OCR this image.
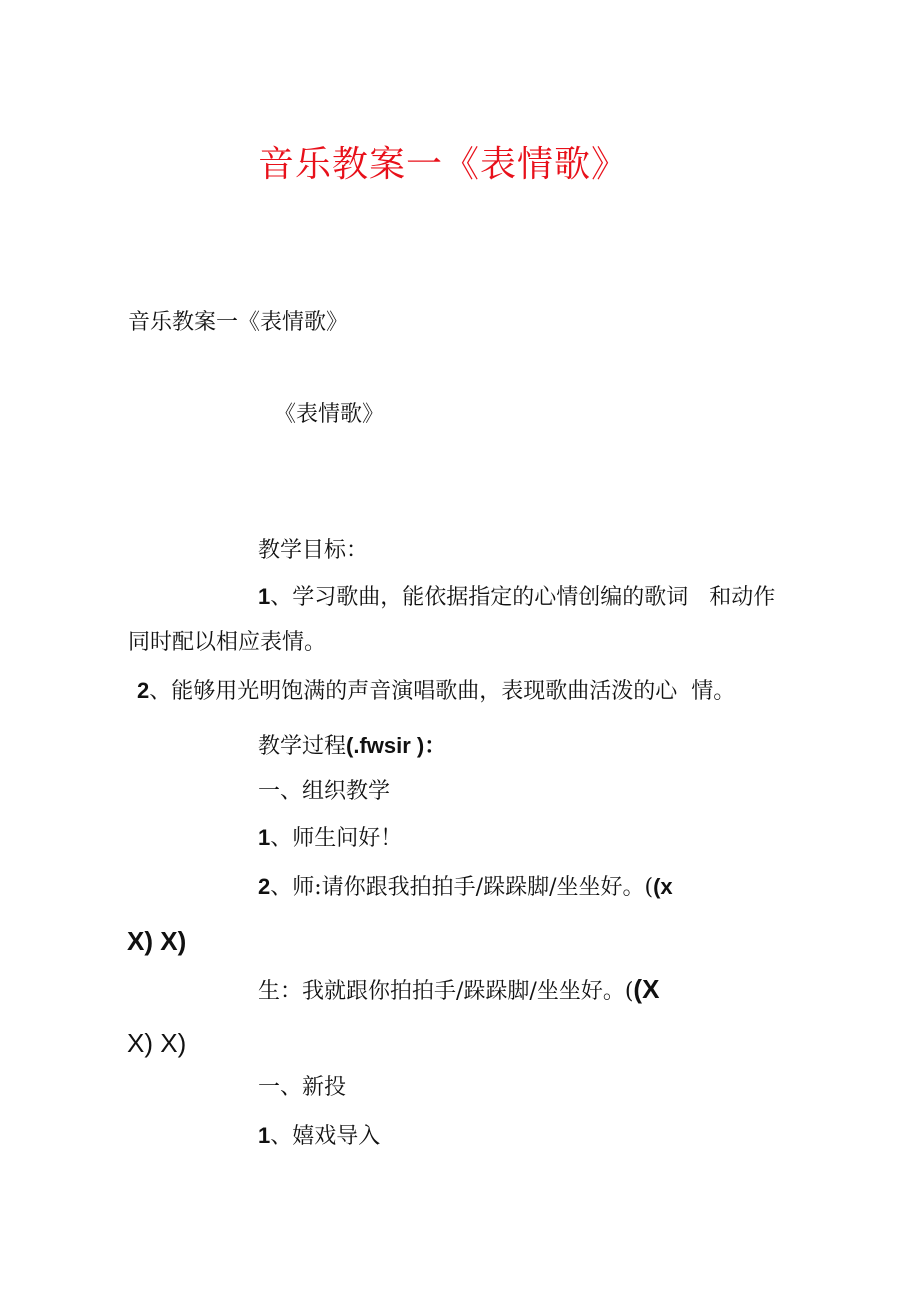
音乐教案一《表情歌》
音乐教案一《表情歌》
《表情歌》
教学目标：
1、学习歌曲，能依据指定的心情创编的歌词   和动作
同时配以相应表情。
2、能够用光明饱满的声音演唱歌曲，表现歌曲活泼的心  情。
教学过程(.fwsir )：
一、组织教学
1、师生问好！
2、师:请你跟我拍拍手/跺跺脚/坐坐好。((x
X) X)
生：我就跟你拍拍手/跺跺脚/坐坐好。((X
X) X)
一、新投
1、嬉戏导入
